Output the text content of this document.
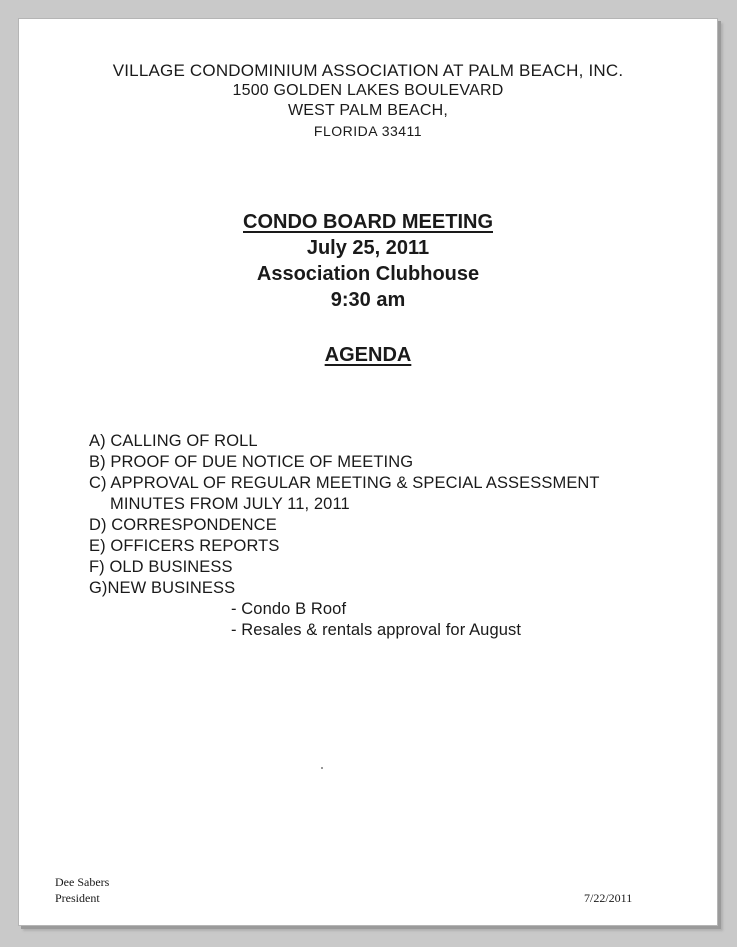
VILLAGE CONDOMINIUM ASSOCIATION AT PALM BEACH, INC.
1500 GOLDEN LAKES BOULEVARD
WEST PALM BEACH,
FLORIDA 33411
CONDO BOARD MEETING
July 25, 2011
Association Clubhouse
9:30 am
AGENDA
A) CALLING OF ROLL
B) PROOF OF DUE NOTICE OF MEETING
C) APPROVAL OF REGULAR MEETING & SPECIAL ASSESSMENT
MINUTES FROM JULY 11, 2011
D) CORRESPONDENCE
E) OFFICERS REPORTS
F) OLD BUSINESS
G)NEW BUSINESS
- Condo B Roof
- Resales & rentals approval for August
Dee Sabers
President	7/22/2011
